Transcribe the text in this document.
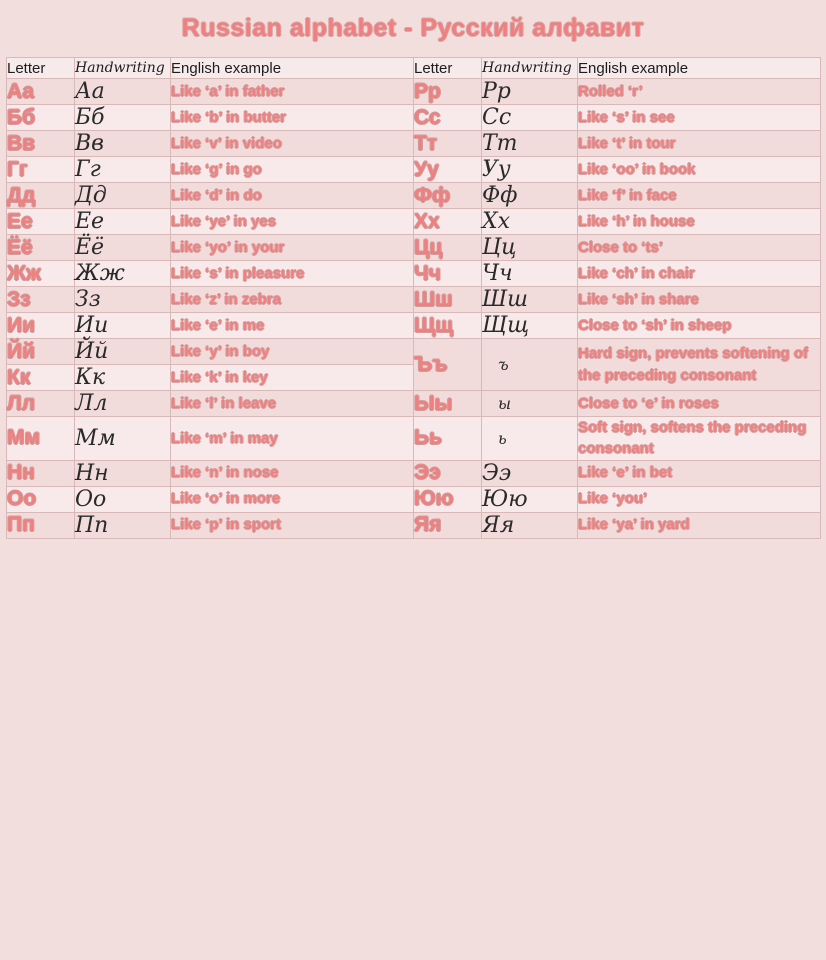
Russian alphabet - Русский алфавит
Letter	Handwriting	English example	Letter	Handwriting	English example
Аа	Аа	Like ‘a’ in father	Рр	Рр	Rolled ‘r’
Бб	Бб	Like ‘b’ in butter	Сс	Сс	Like ‘s’ in see
Вв	Вв	Like ‘v’ in video	Тт	Тт	Like ‘t’ in tour
Гг	Гг	Like ‘g’ in go	Уу	Уу	Like ‘oo’ in book
Дд	Дд	Like ‘d’ in do	Фф	Фф	Like ‘f’ in face
Ее	Ее	Like ‘ye’ in yes	Хх	Хх	Like ‘h’ in house
Ёё	Ёё	Like ‘yo’ in your	Цц	Цц	Close to ‘ts’
Жж	Жж	Like ‘s’ in pleasure	Чч	Чч	Like ‘ch’ in chair
Зз	Зз	Like ‘z’ in zebra	Шш	Шш	Like ‘sh’ in share
Ии	Ии	Like ‘e’ in me	Щщ	Щщ	Close to ‘sh’ in sheep
Йй	Йй	Like ‘y’ in boy	Ъъ	ъ	Hard sign, prevents softening of the preceding consonant
Кк	Кк	Like ‘k’ in key			
Лл	Лл	Like ‘l’ in leave	Ыы	ы	Close to ‘e’ in roses
Мм	Мм	Like ‘m’ in may	Ьь	ь	Soft sign, softens the preceding consonant
Нн	Нн	Like ‘n’ in nose	Ээ	Ээ	Like ‘e’ in bet
Оо	Оо	Like ‘o’ in more	Юю	Юю	Like ‘you’
Пп	Пп	Like ‘p’ in sport	Яя	Яя	Like ‘ya’ in yard
